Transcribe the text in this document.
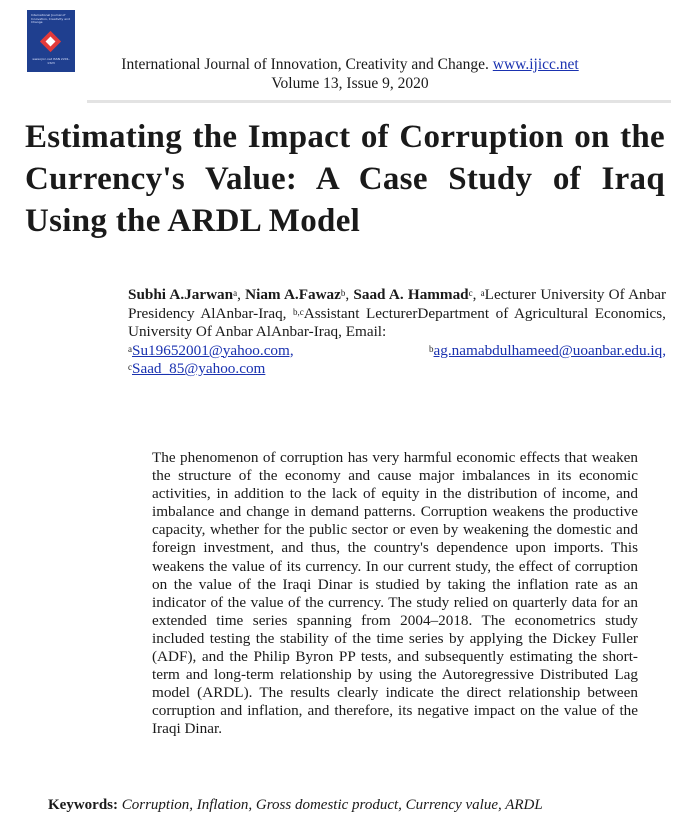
International Journal of Innovation, Creativity and Change
www.ijicc.net ISSN 2201-1323	International Journal of Innovation, Creativity and Change. www.ijicc.net
Volume 13, Issue 9, 2020
Estimating the Impact of Corruption on the Currency's Value: A Case Study of Iraq Using the ARDL Model
Subhi A.Jarwan$^a$, Niam A.Fawaz$^b$, Saad A. Hammad$^c$, $^a$Lecturer University Of Anbar Presidency AlAnbar-Iraq, $^{b,c}$Assistant LecturerDepartment of Agricultural Economics, University Of Anbar AlAnbar-Iraq, Email:
$^a$Su19652001@yahoo.com,	$^b$ag.namabdulhameed@uoanbar.edu.iq,
$^c$Saad_85@yahoo.com

The phenomenon of corruption has very harmful economic effects that weaken the structure of the economy and cause major imbalances in its economic activities, in addition to the lack of equity in the distribution of income, and imbalance and change in demand patterns. Corruption weakens the productive capacity, whether for the public sector or even by weakening the domestic and foreign investment, and thus, the country's dependence upon imports. This weakens the value of its currency. In our current study, the effect of corruption on the value of the Iraqi Dinar is studied by taking the inflation rate as an indicator of the value of the currency. The study relied on quarterly data for an extended time series spanning from 2004–2018. The econometrics study included testing the stability of the time series by applying the Dickey Fuller (ADF), and the Philip Byron PP tests, and subsequently estimating the short-term and long-term relationship by using the Autoregressive Distributed Lag model (ARDL). The results clearly indicate the direct relationship between corruption and inflation, and therefore, its negative impact on the value of the Iraqi Dinar.

Keywords: Corruption, Inflation, Gross domestic product, Currency value, ARDL
